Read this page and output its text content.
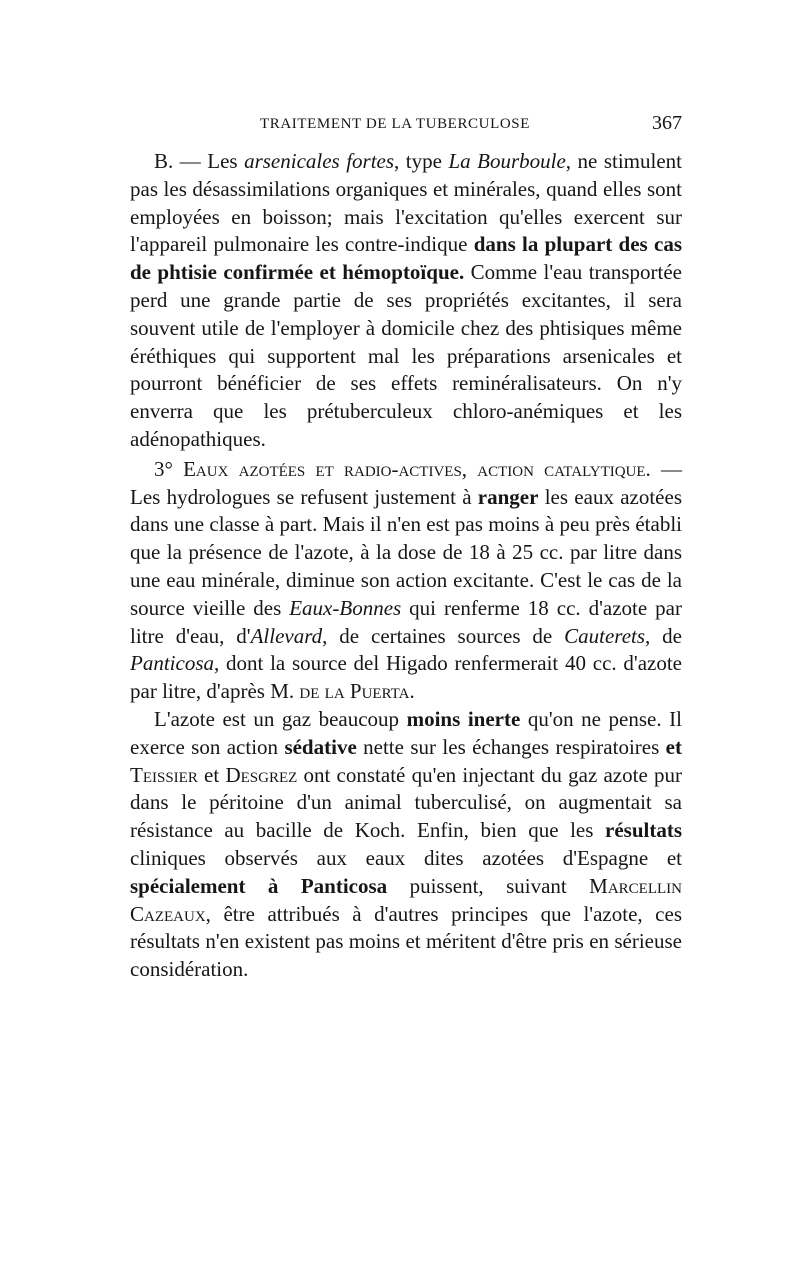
TRAITEMENT DE LA TUBERCULOSE	367

B. — Les arsenicales fortes, type La Bourboule, ne stimulent pas les désassimilations organiques et minérales, quand elles sont employées en boisson; mais l'excitation qu'elles exercent sur l'appareil pulmonaire les contre-indique dans la plupart des cas de phtisie confirmée et hémoptoïque. Comme l'eau transportée perd une grande partie de ses propriétés excitantes, il sera souvent utile de l'employer à domicile chez des phtisiques même éréthiques qui supportent mal les préparations arsenicales et pourront bénéficier de ses effets reminéralisateurs. On n'y enverra que les prétuberculeux chloro-anémiques et les adénopathiques.

3° Eaux azotées et radio-actives, action catalytique. — Les hydrologues se refusent justement à ranger les eaux azotées dans une classe à part. Mais il n'en est pas moins à peu près établi que la présence de l'azote, à la dose de 18 à 25 cc. par litre dans une eau minérale, diminue son action excitante. C'est le cas de la source vieille des Eaux-Bonnes qui renferme 18 cc. d'azote par litre d'eau, d'Allevard, de certaines sources de Cauterets, de Panticosa, dont la source del Higado renfermerait 40 cc. d'azote par litre, d'après M. de la Puerta.

L'azote est un gaz beaucoup moins inerte qu'on ne pense. Il exerce son action sédative nette sur les échanges respiratoires et Teissier et Desgrez ont constaté qu'en injectant du gaz azote pur dans le péritoine d'un animal tuberculisé, on augmentait sa résistance au bacille de Koch. Enfin, bien que les résultats cliniques observés aux eaux dites azotées d'Espagne et spécialement à Panticosa puissent, suivant Marcellin Cazeaux, être attribués à d'autres principes que l'azote, ces résultats n'en existent pas moins et méritent d'être pris en sérieuse considération.
